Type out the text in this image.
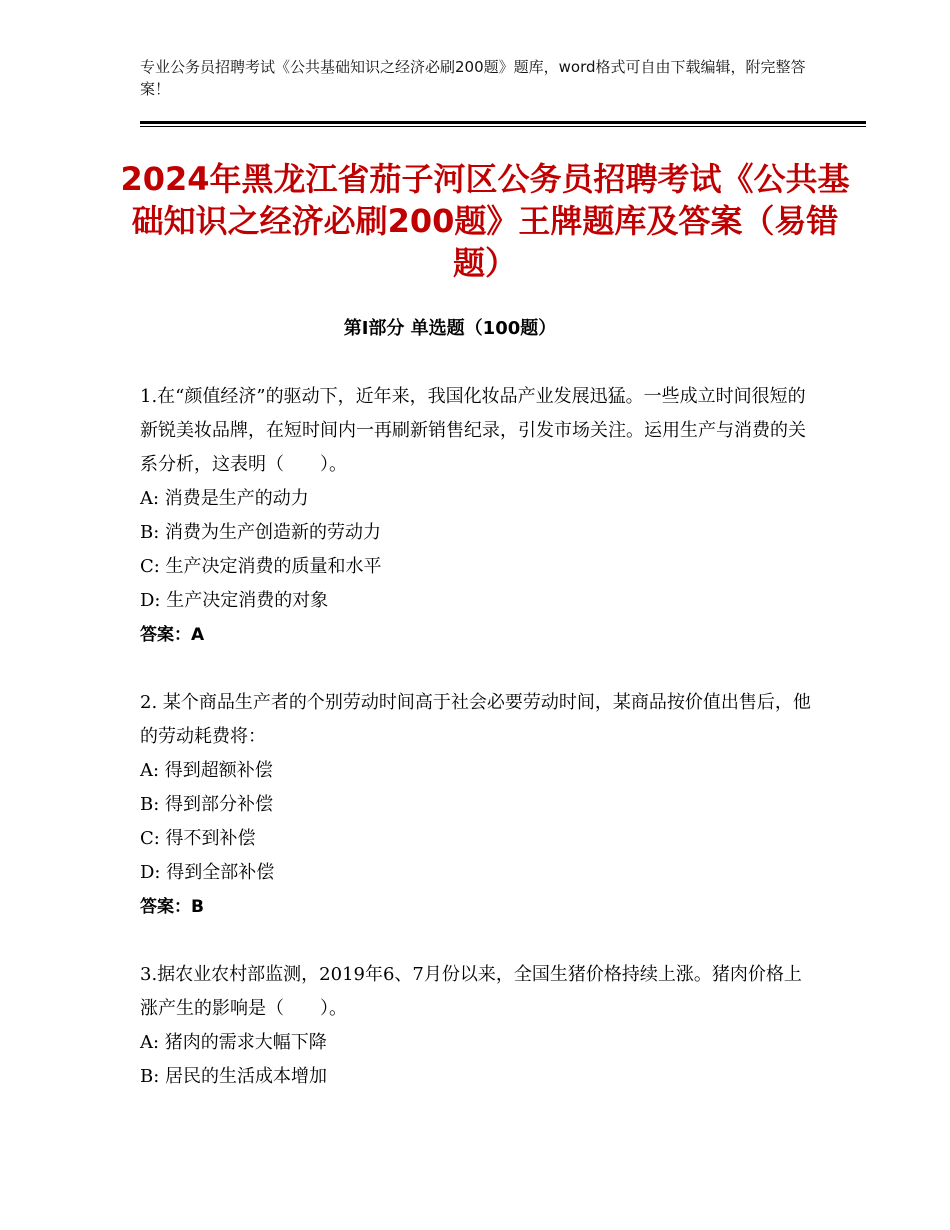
专业公务员招聘考试《公共基础知识之经济必刷200题》题库，word格式可自由下载编辑，附完整答案！
2024年黑龙江省茄子河区公务员招聘考试《公共基础知识之经济必刷200题》王牌题库及答案（易错题）
第Ⅰ部分 单选题（100题）

1.在“颜值经济”的驱动下，近年来，我国化妆品产业发展迅猛。一些成立时间很短的新锐美妆品牌，在短时间内一再刷新销售纪录，引发市场关注。运用生产与消费的关系分析，这表明（　　）。

A: 消费是生产的动力

B: 消费为生产创造新的劳动力

C: 生产决定消费的质量和水平

D: 生产决定消费的对象

答案：A

2. 某个商品生产者的个别劳动时间高于社会必要劳动时间，某商品按价值出售后，他的劳动耗费将：

A: 得到超额补偿

B: 得到部分补偿

C: 得不到补偿

D: 得到全部补偿

答案：B

3.据农业农村部监测，2019年6、7月份以来，全国生猪价格持续上涨。猪肉价格上涨产生的影响是（　　）。

A: 猪肉的需求大幅下降

B: 居民的生活成本增加
